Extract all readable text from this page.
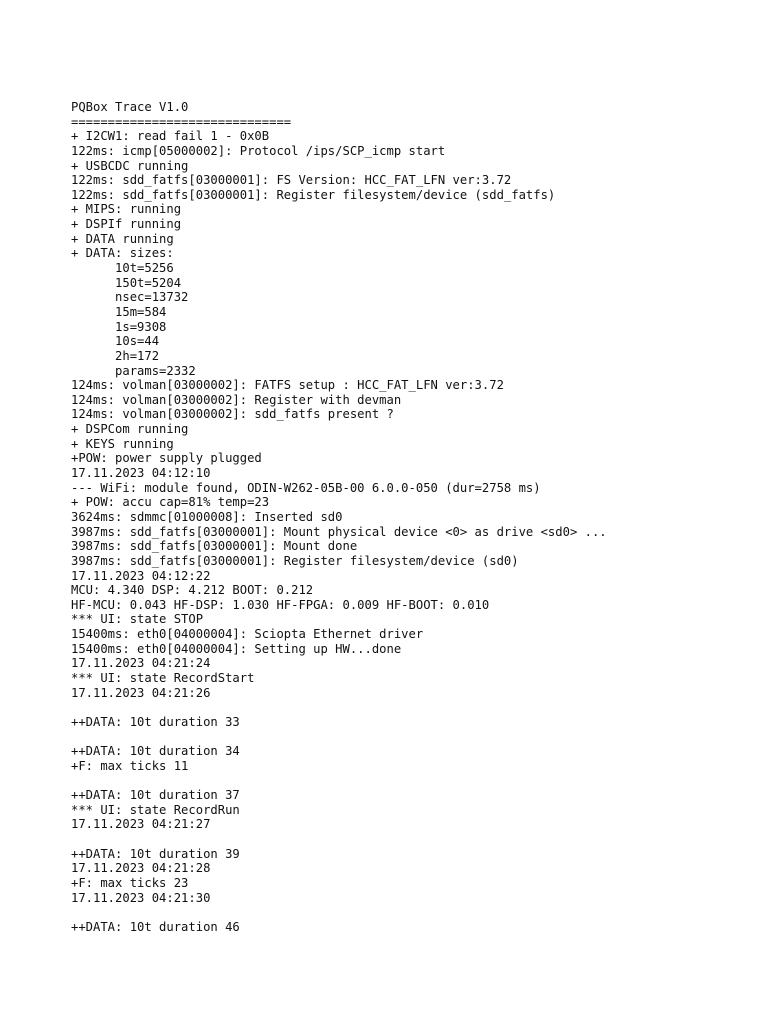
PQBox Trace V1.0
==============================
+ I2CW1: read fail 1 - 0x0B
122ms: icmp[05000002]: Protocol /ips/SCP_icmp start
+ USBCDC running
122ms: sdd_fatfs[03000001]: FS Version: HCC_FAT_LFN ver:3.72
122ms: sdd_fatfs[03000001]: Register filesystem/device (sdd_fatfs)
+ MIPS: running
+ DSPIf running
+ DATA running
+ DATA: sizes:
10t=5256
150t=5204
nsec=13732
15m=584
1s=9308
10s=44
2h=172
params=2332
124ms: volman[03000002]: FATFS setup : HCC_FAT_LFN ver:3.72
124ms: volman[03000002]: Register with devman
124ms: volman[03000002]: sdd_fatfs present ?
+ DSPCom running
+ KEYS running
+POW: power supply plugged
17.11.2023 04:12:10
--- WiFi: module found, ODIN-W262-05B-00 6.0.0-050 (dur=2758 ms)
+ POW: accu cap=81% temp=23
3624ms: sdmmc[01000008]: Inserted sd0
3987ms: sdd_fatfs[03000001]: Mount physical device <0> as drive <sd0> ...
3987ms: sdd_fatfs[03000001]: Mount done
3987ms: sdd_fatfs[03000001]: Register filesystem/device (sd0)
17.11.2023 04:12:22
MCU: 4.340 DSP: 4.212 BOOT: 0.212
HF-MCU: 0.043 HF-DSP: 1.030 HF-FPGA: 0.009 HF-BOOT: 0.010
*** UI: state STOP
15400ms: eth0[04000004]: Sciopta Ethernet driver
15400ms: eth0[04000004]: Setting up HW...done
17.11.2023 04:21:24
*** UI: state RecordStart
17.11.2023 04:21:26
++DATA: 10t duration 33
++DATA: 10t duration 34
+F: max ticks 11
++DATA: 10t duration 37
*** UI: state RecordRun
17.11.2023 04:21:27
++DATA: 10t duration 39
17.11.2023 04:21:28
+F: max ticks 23
17.11.2023 04:21:30
++DATA: 10t duration 46
